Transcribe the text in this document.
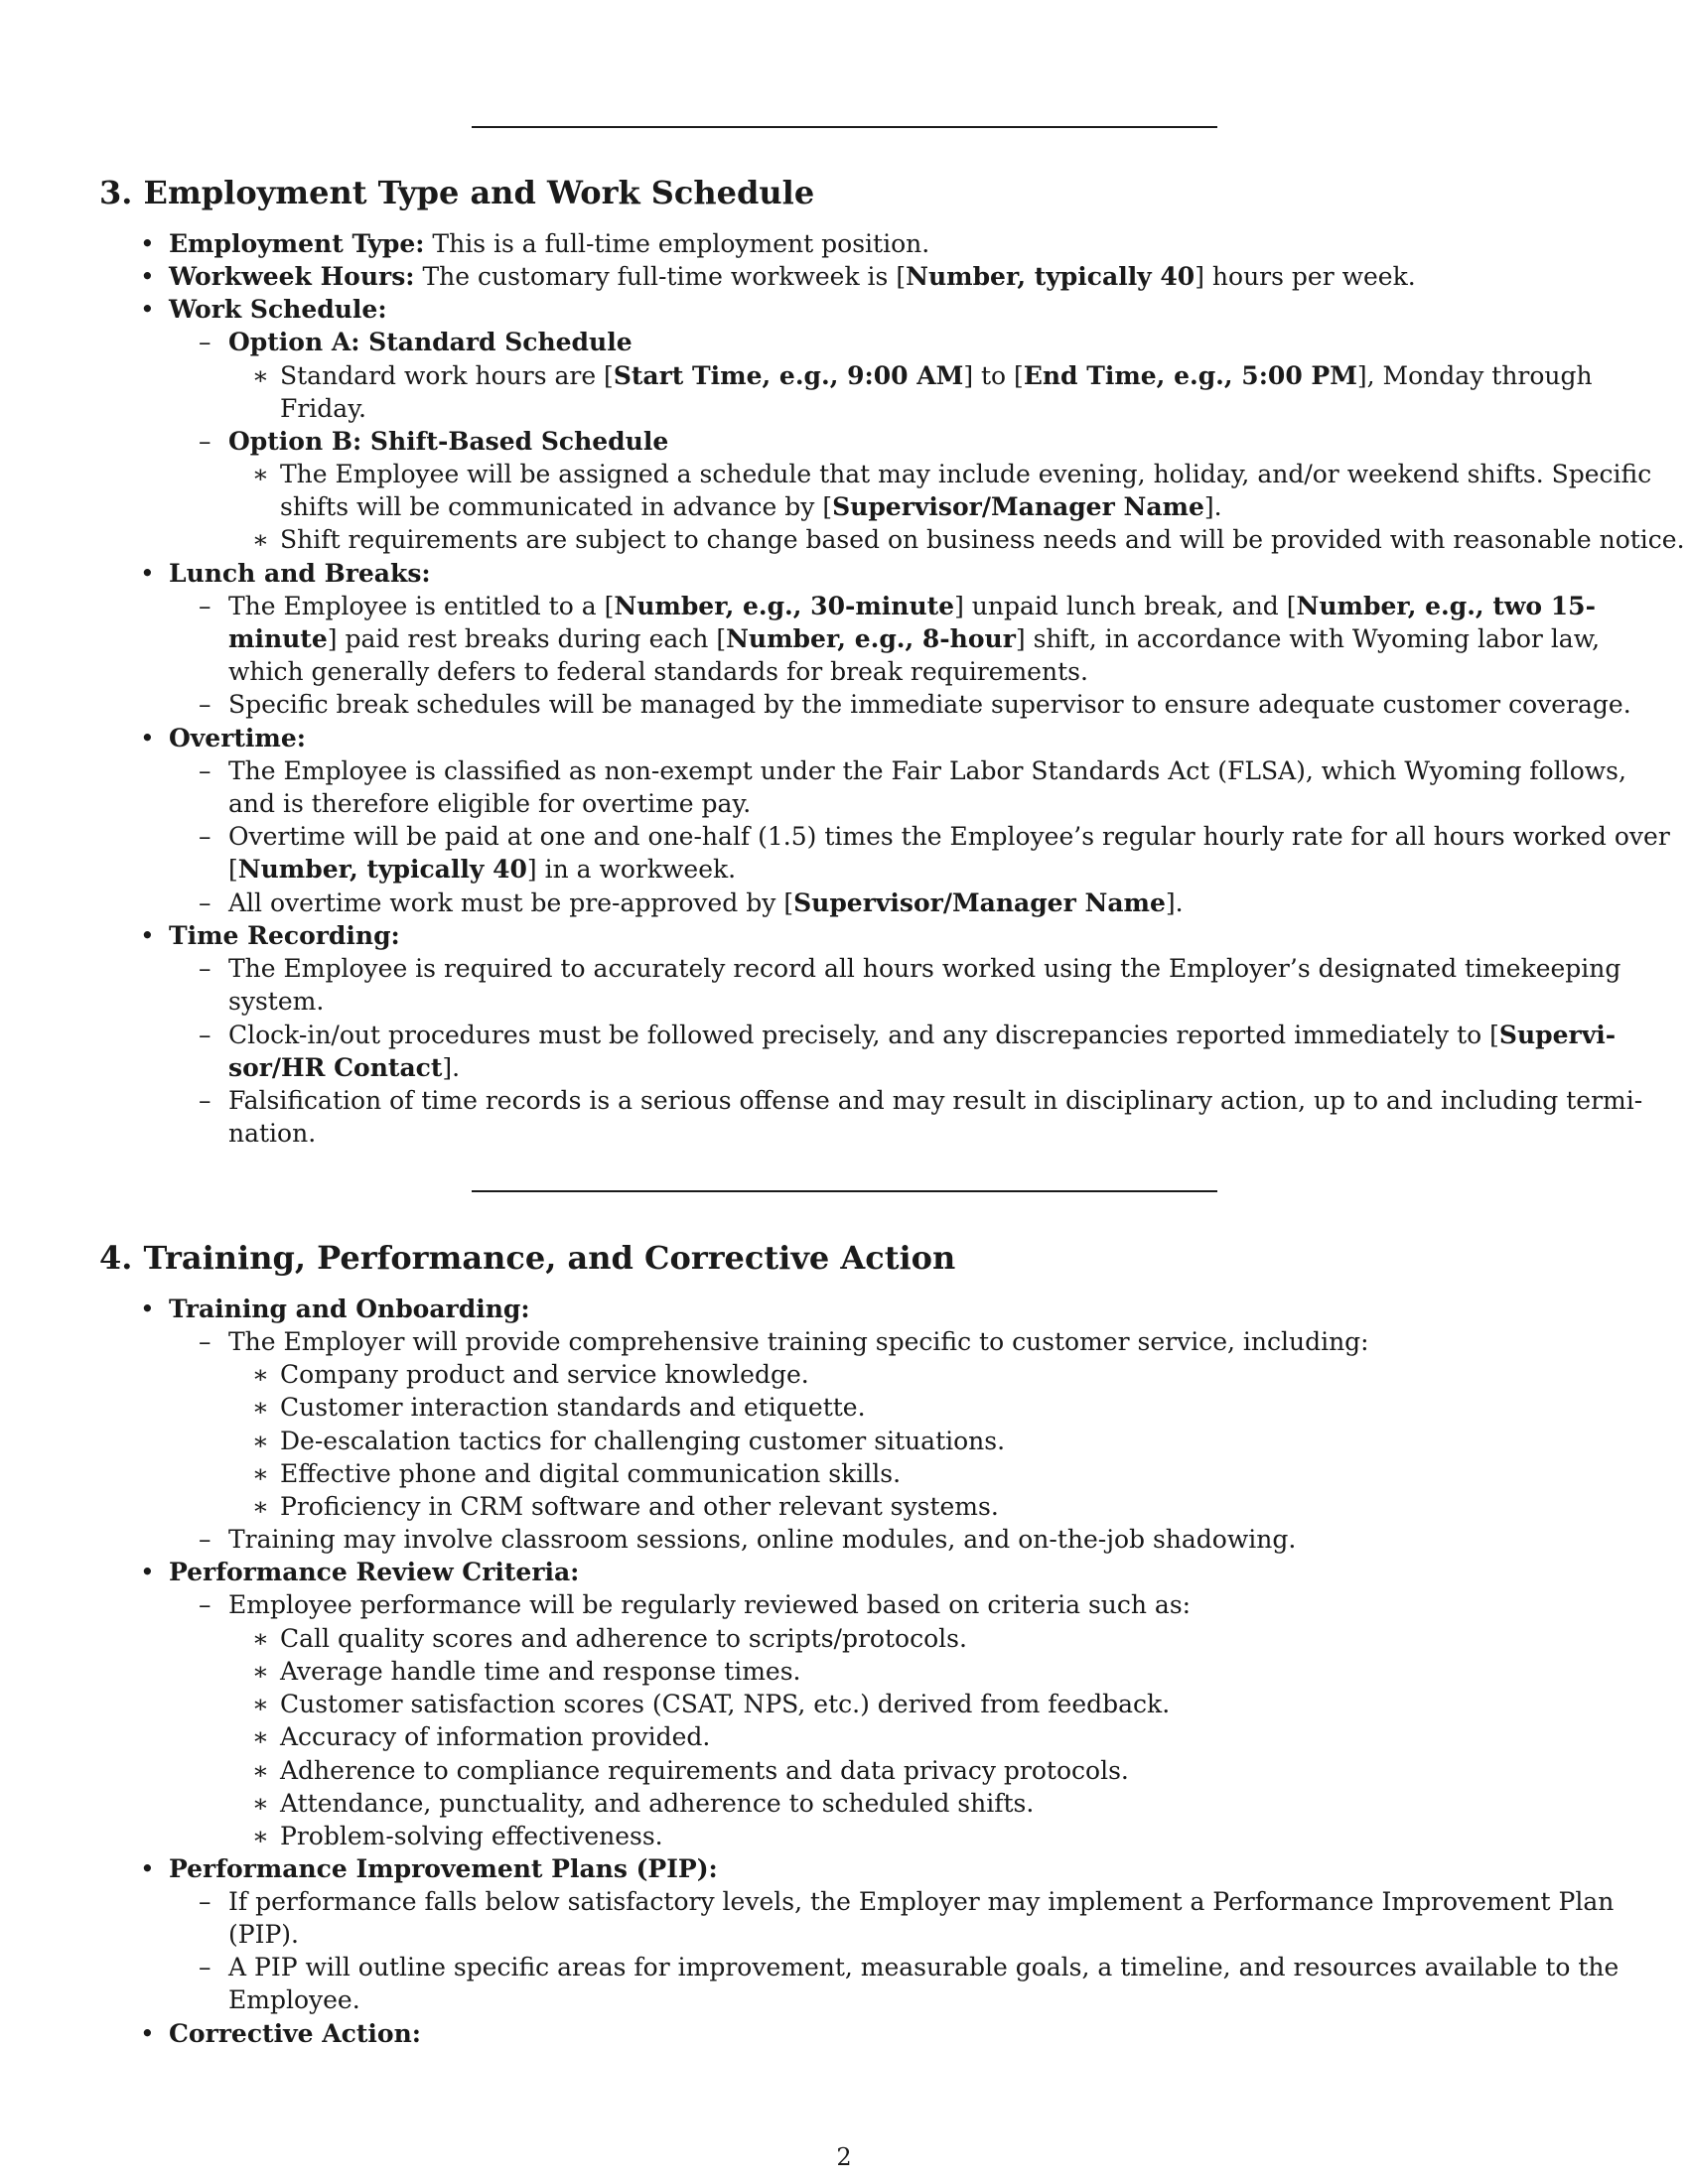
3. Employment Type and Work Schedule
• Employment Type: This is a full-time employment position.
• Workweek Hours: The customary full-time workweek is [Number, typically 40] hours per week.
• Work Schedule:
– Option A: Standard Schedule
∗ Standard work hours are [Start Time, e.g., 9:00 AM] to [End Time, e.g., 5:00 PM], Monday through
Friday.
– Option B: Shift-Based Schedule
∗ The Employee will be assigned a schedule that may include evening, holiday, and/or weekend shifts. Specific
shifts will be communicated in advance by [Supervisor/Manager Name].
∗ Shift requirements are subject to change based on business needs and will be provided with reasonable notice.
• Lunch and Breaks:
– The Employee is entitled to a [Number, e.g., 30-minute] unpaid lunch break, and [Number, e.g., two 15-
minute] paid rest breaks during each [Number, e.g., 8-hour] shift, in accordance with Wyoming labor law,
which generally defers to federal standards for break requirements.
– Specific break schedules will be managed by the immediate supervisor to ensure adequate customer coverage.
• Overtime:
– The Employee is classified as non-exempt under the Fair Labor Standards Act (FLSA), which Wyoming follows,
and is therefore eligible for overtime pay.
– Overtime will be paid at one and one-half (1.5) times the Employee’s regular hourly rate for all hours worked over
[Number, typically 40] in a workweek.
– All overtime work must be pre-approved by [Supervisor/Manager Name].
• Time Recording:
– The Employee is required to accurately record all hours worked using the Employer’s designated timekeeping
system.
– Clock-in/out procedures must be followed precisely, and any discrepancies reported immediately to [Supervi-
sor/HR Contact].
– Falsification of time records is a serious offense and may result in disciplinary action, up to and including termi-
nation.
4. Training, Performance, and Corrective Action
• Training and Onboarding:
– The Employer will provide comprehensive training specific to customer service, including:
∗ Company product and service knowledge.
∗ Customer interaction standards and etiquette.
∗ De-escalation tactics for challenging customer situations.
∗ Effective phone and digital communication skills.
∗ Proficiency in CRM software and other relevant systems.
– Training may involve classroom sessions, online modules, and on-the-job shadowing.
• Performance Review Criteria:
– Employee performance will be regularly reviewed based on criteria such as:
∗ Call quality scores and adherence to scripts/protocols.
∗ Average handle time and response times.
∗ Customer satisfaction scores (CSAT, NPS, etc.) derived from feedback.
∗ Accuracy of information provided.
∗ Adherence to compliance requirements and data privacy protocols.
∗ Attendance, punctuality, and adherence to scheduled shifts.
∗ Problem-solving effectiveness.
• Performance Improvement Plans (PIP):
– If performance falls below satisfactory levels, the Employer may implement a Performance Improvement Plan
(PIP).
– A PIP will outline specific areas for improvement, measurable goals, a timeline, and resources available to the
Employee.
• Corrective Action:
2
